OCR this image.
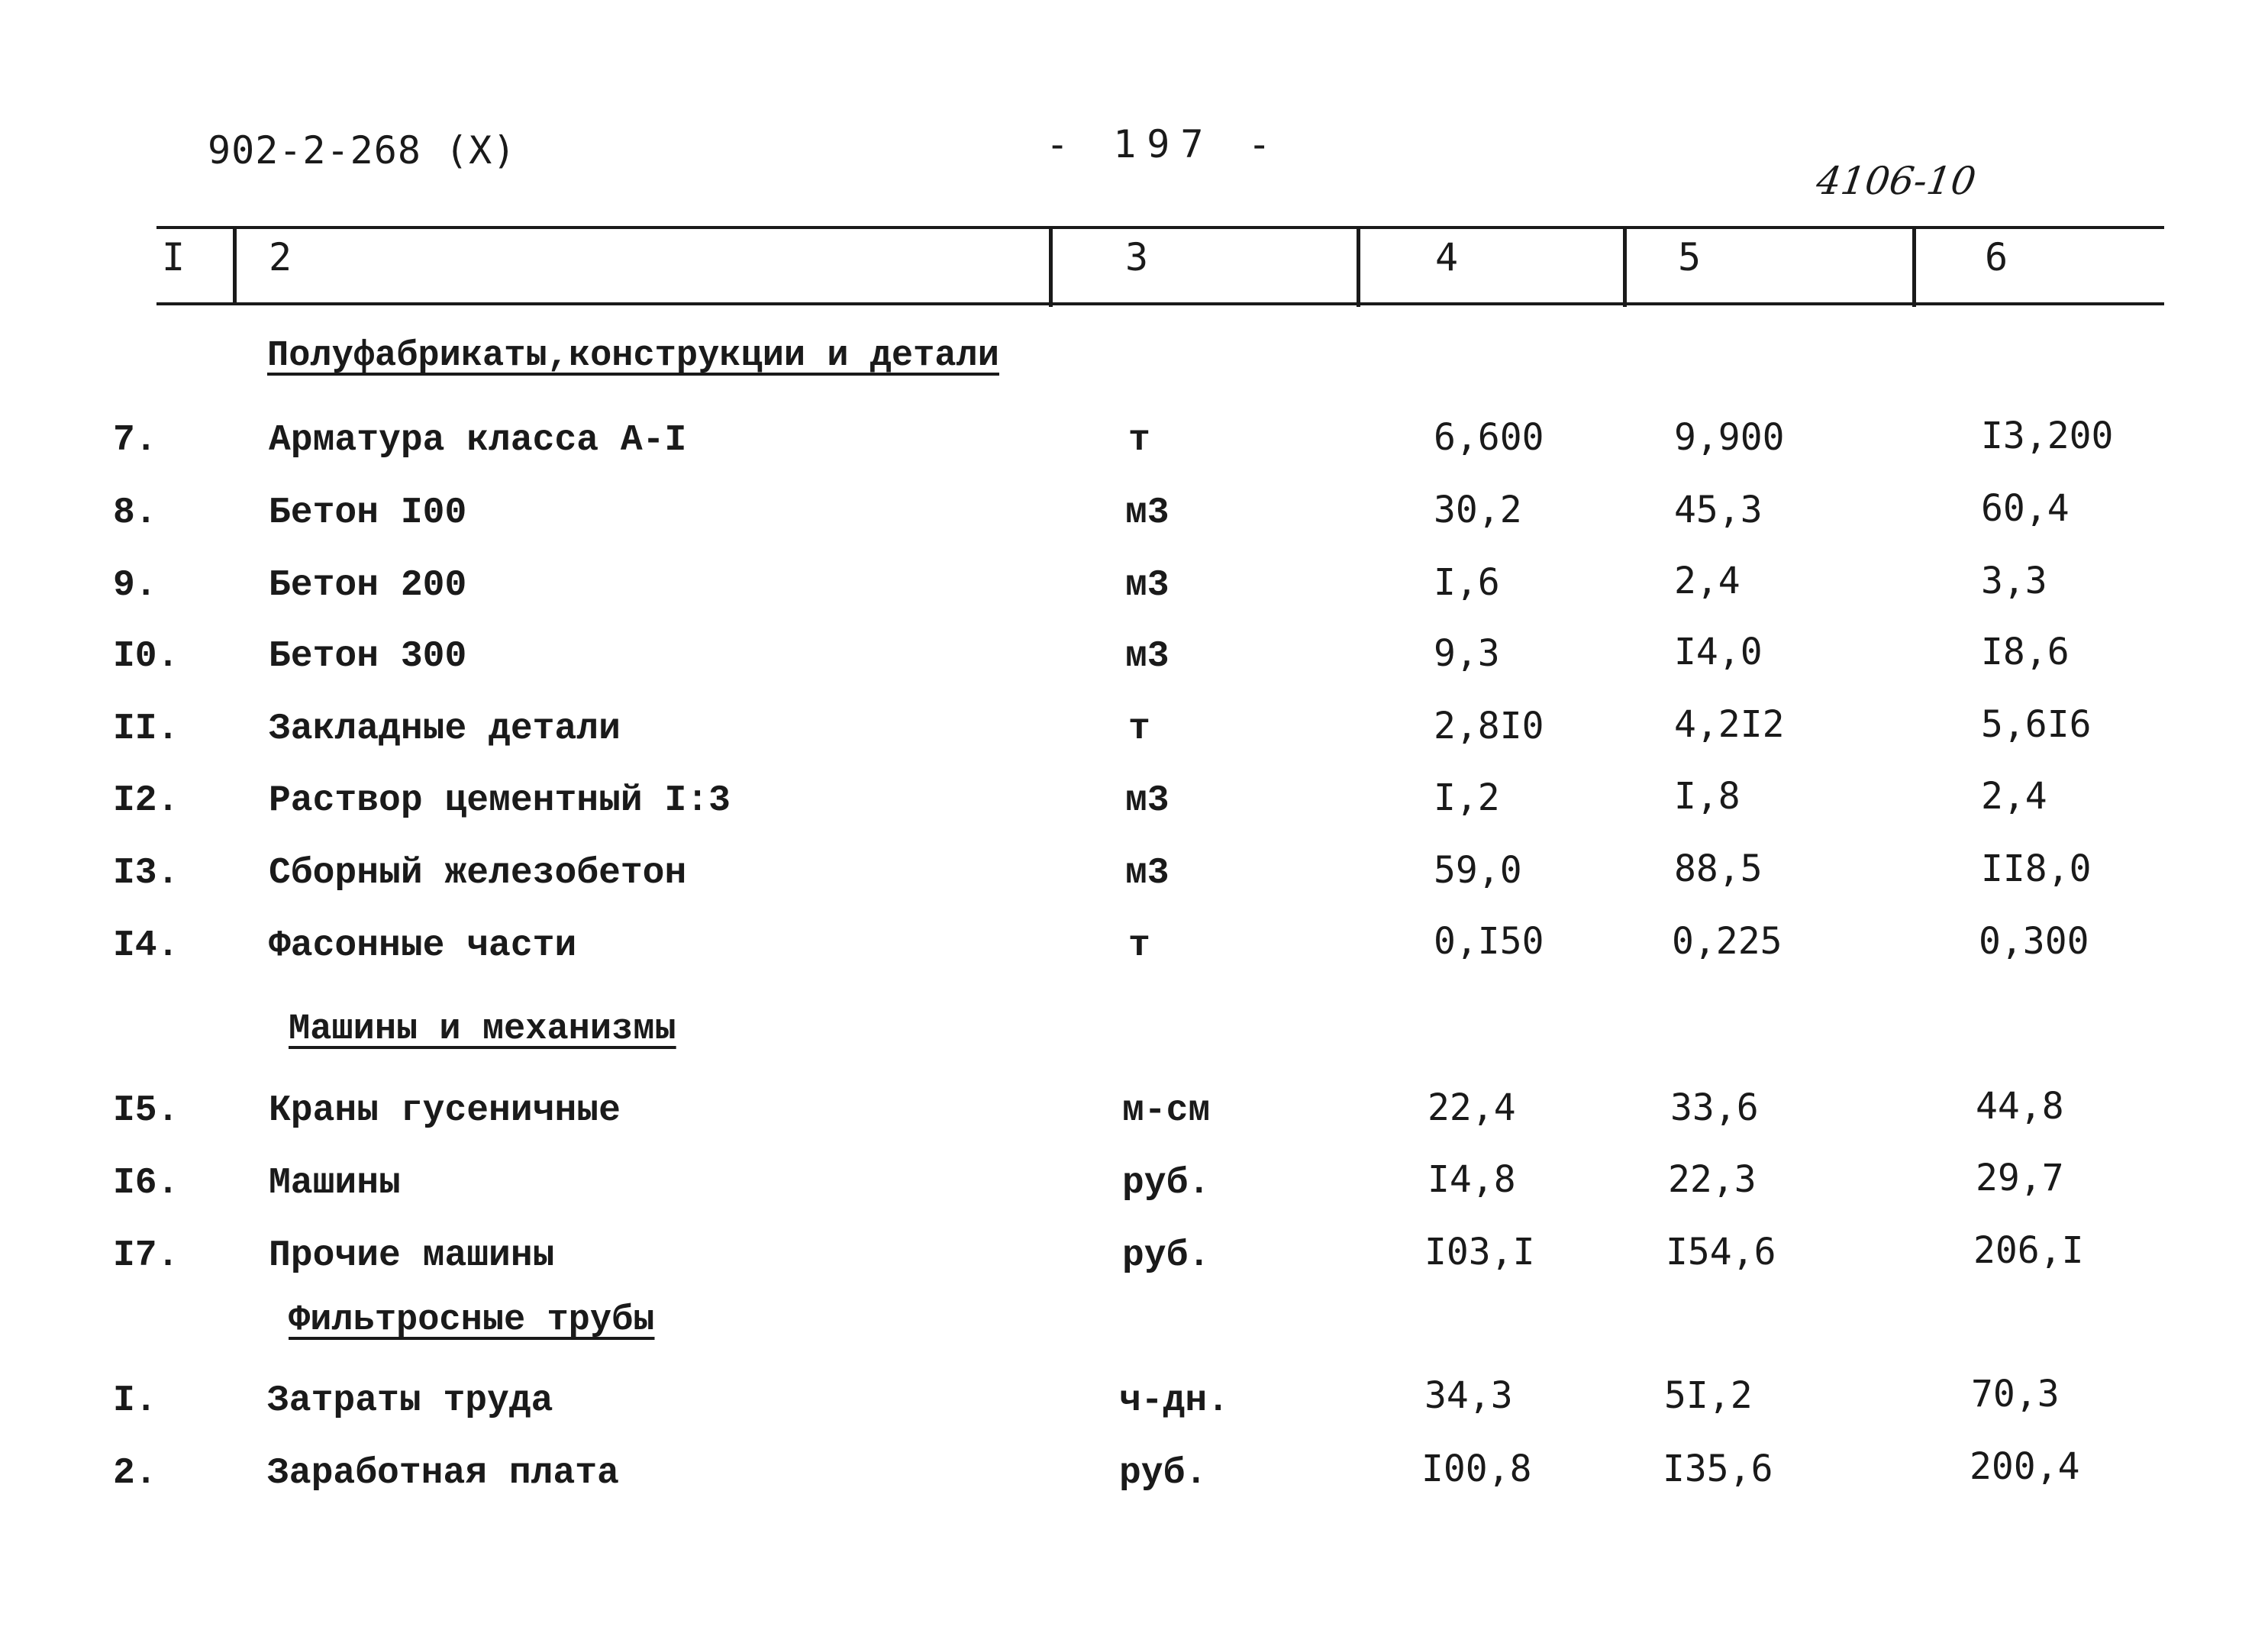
902-2-268 (X)	- 197 -
4106-10
I 2	3	4	5	6
Полуфабрикаты,конструкции и детали
Машины и механизмы
Фильтросные трубы
7.	Арматура класса A-I	т	6,600	9,900	I3,200
8.	Бетон I00	м3	30,2	45,3	60,4
9.	Бетон 200	м3	I,6	2,4	3,3
I0. Бетон 300	м3	9,3	I4,0	I8,6
II. Закладные детали	т	2,8I0	4,2I2	5,6I6
I2. Раствор цементный I:3	м3	I,2	I,8	2,4
I3. Сборный железобетон	м3	59,0	88,5	II8,0
I4. Фасонные части	т	0,I50	0,225	0,300
I5. Краны гусеничные	м-см	22,4	33,6	44,8
I6. Машины	руб.	I4,8	22,3	29,7
I7. Прочие машины	руб.	I03,I	I54,6	206,I
I.	Затраты труда	ч-дн.	34,3	5I,2	70,3
2.	Заработная плата	руб.	I00,8	I35,6	200,4
